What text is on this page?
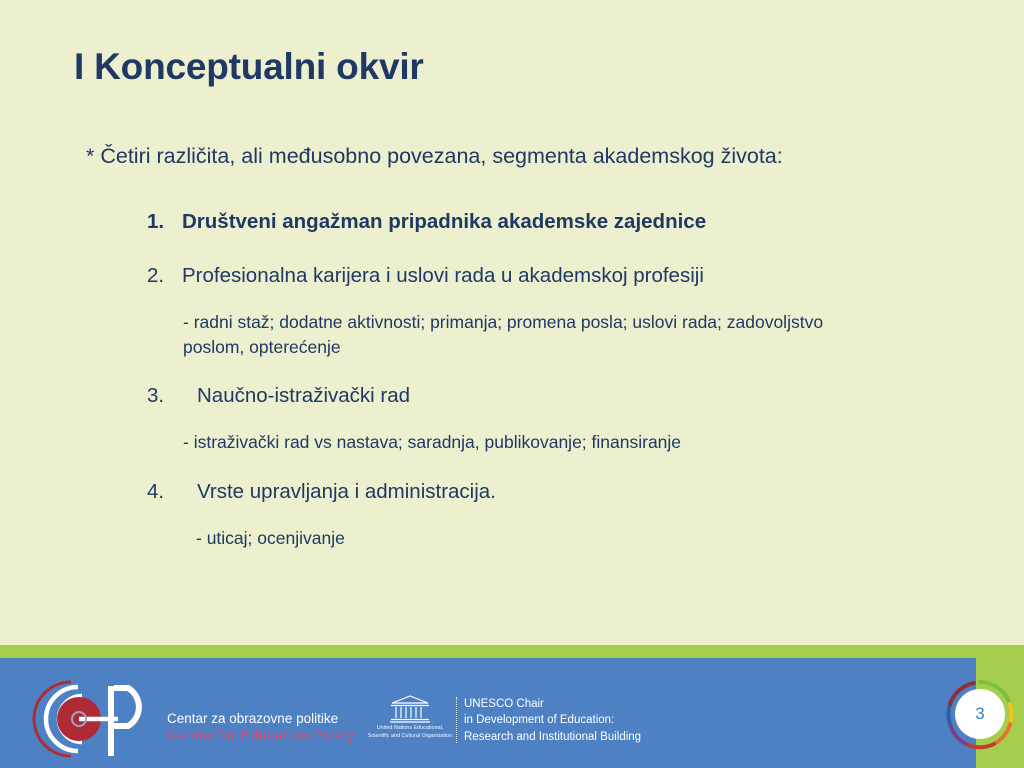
I Konceptualni okvir
* Četiri različita, ali međusobno povezana, segmenta akademskog života:
1. Društveni angažman pripadnika akademske zajednice
2. Profesionalna karijera i uslovi rada u akademskoj profesiji
- radni staž; dodatne aktivnosti; primanja; promena posla; uslovi rada; zadovoljstvo poslom, opterećenje
3.	Naučno-istraživački rad
- istraživački rad vs nastava; saradnja, publikovanje; finansiranje
4.	Vrste upravljanja i administracija.
- uticaj; ocenjivanje
Centar za obrazovne politike
Centre for Education Policy
United Nations Educational,
Scientific and Cultural Organization
UNESCO Chair
in Development of Education:
Research and Institutional Building
3
